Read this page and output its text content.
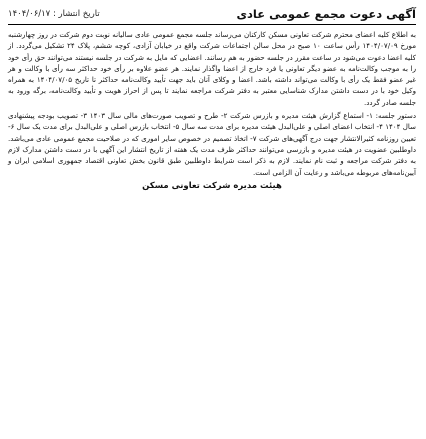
آگهی دعوت مجمع عمومی عادی
تاریخ انتشار : ۱۴۰۴/۰۶/۱۷

به اطلاع کلیه اعضای محترم شرکت تعاونی مسکن کارکنان می‌رساند جلسه مجمع عمومی عادی سالیانه نوبت دوم شرکت در روز چهارشنبه مورخ ۱۴۰۴/۰۷/۰۹ رأس ساعت ۱۰ صبح در محل سالن اجتماعات شرکت واقع در خیابان آزادی، کوچه ششم، پلاک ۲۴ تشکیل می‌گردد. از کلیه اعضا دعوت می‌شود در ساعت مقرر در جلسه حضور به هم رسانند. اعضایی که مایل به شرکت در جلسه نیستند می‌توانند حق رأی خود را به موجب وکالت‌نامه به عضو دیگر تعاونی یا فرد خارج از اعضا واگذار نمایند. هر عضو علاوه بر رأی خود حداکثر سه رأی با وکالت و هر غیر عضو فقط یک رأی با وکالت می‌تواند داشته باشد. اعضا و وکلای آنان باید جهت تأیید وکالت‌نامه حداکثر تا تاریخ ۱۴۰۴/۰۷/۰۵ به همراه وکیل خود با در دست داشتن مدارک شناسایی معتبر به دفتر شرکت مراجعه نمایند تا پس از احراز هویت و تأیید وکالت‌نامه، برگه ورود به جلسه صادر گردد.

دستور جلسه: ۱- استماع گزارش هیئت مدیره و بازرس شرکت ۲- طرح و تصویب صورت‌های مالی سال ۱۴۰۳ ۳- تصویب بودجه پیشنهادی سال ۱۴۰۴ ۴- انتخاب اعضای اصلی و علی‌البدل هیئت مدیره برای مدت سه سال ۵- انتخاب بازرس اصلی و علی‌البدل برای مدت یک سال ۶- تعیین روزنامه کثیرالانتشار جهت درج آگهی‌های شرکت ۷- اتخاذ تصمیم در خصوص سایر اموری که در صلاحیت مجمع عمومی عادی می‌باشد. داوطلبین عضویت در هیئت مدیره و بازرسی می‌توانند حداکثر ظرف مدت یک هفته از تاریخ انتشار این آگهی با در دست داشتن مدارک لازم به دفتر شرکت مراجعه و ثبت نام نمایند. لازم به ذکر است شرایط داوطلبین طبق قانون بخش تعاونی اقتصاد جمهوری اسلامی ایران و آیین‌نامه‌های مربوطه می‌باشد و رعایت آن الزامی است.

هیئت مدیره شرکت تعاونی مسکن
